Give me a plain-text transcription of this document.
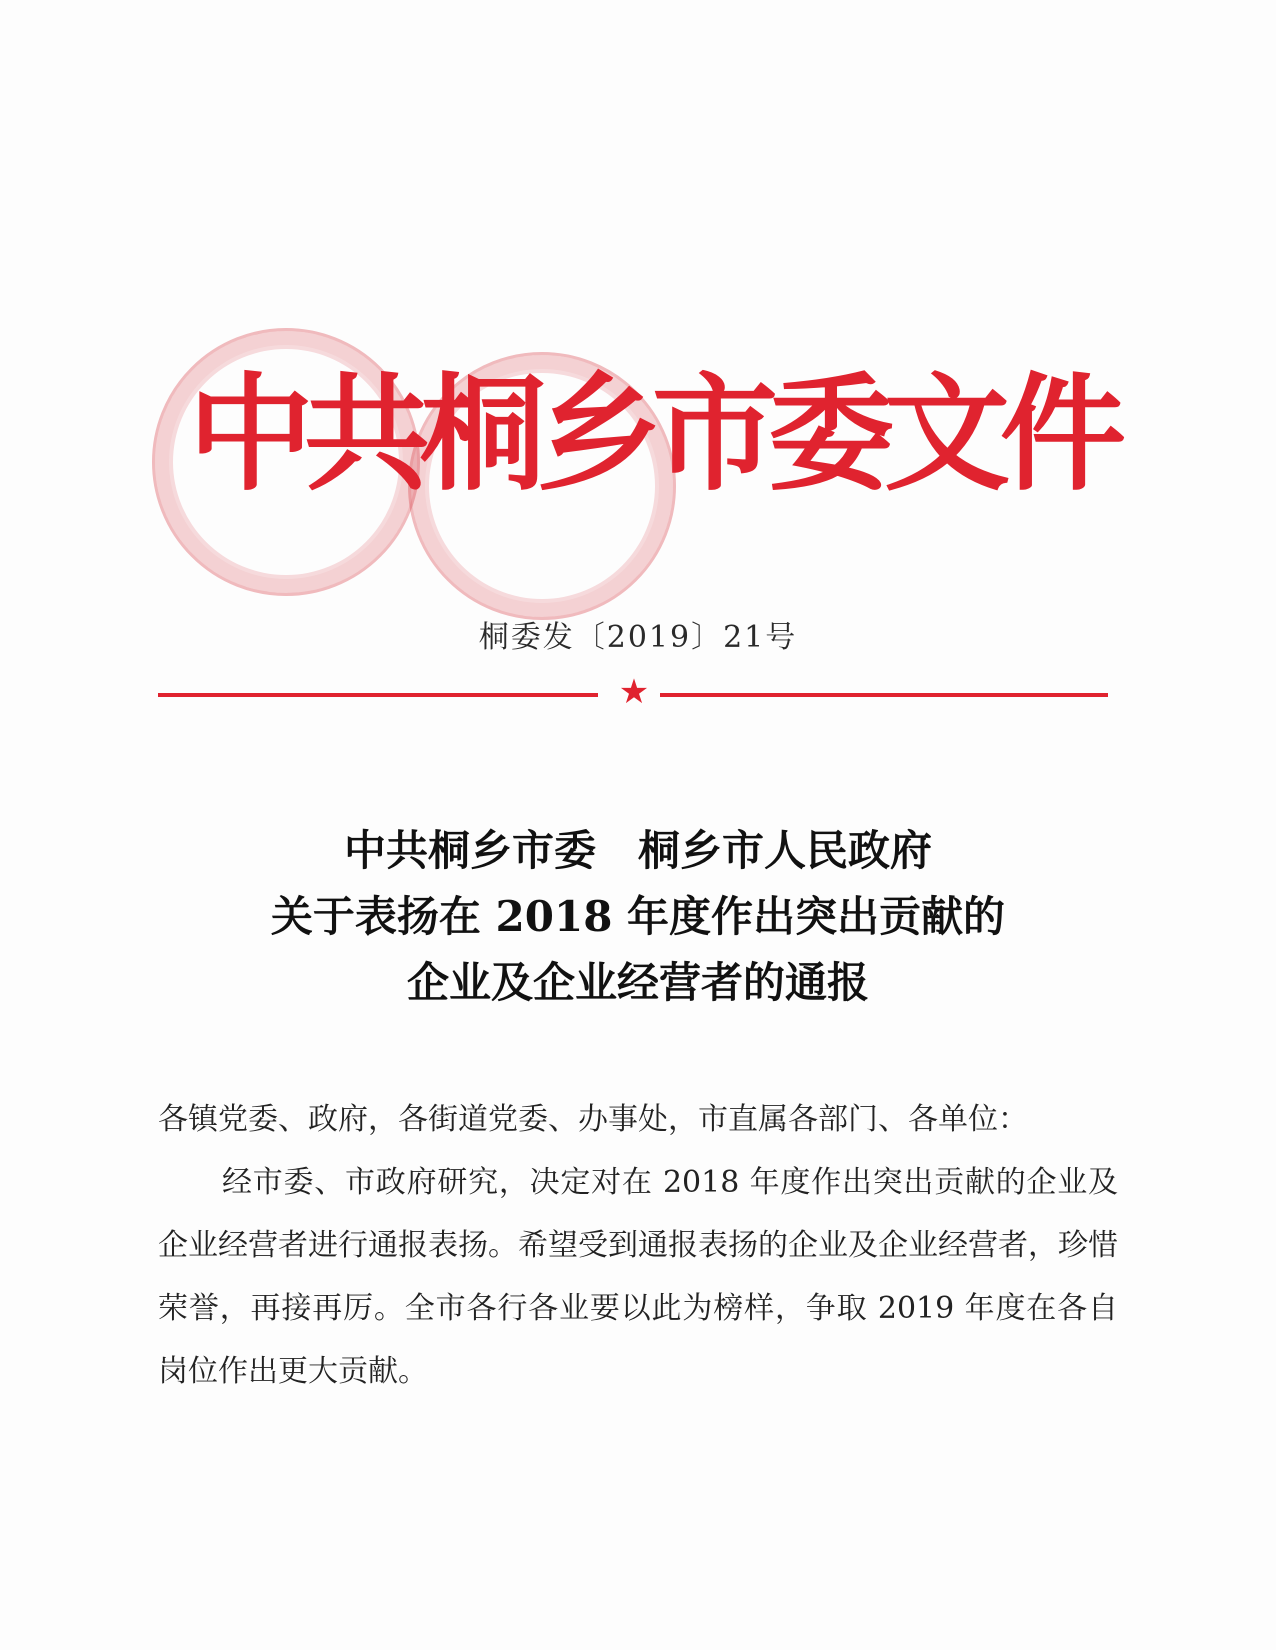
中共桐乡市委文件
桐委发〔2019〕21号
★
中共桐乡市委　桐乡市人民政府
关于表扬在 2018 年度作出突出贡献的
企业及企业经营者的通报

各镇党委、政府，各街道党委、办事处，市直属各部门、各单位：

经市委、市政府研究，决定对在 2018 年度作出突出贡献的企业及企业经营者进行通报表扬。希望受到通报表扬的企业及企业经营者，珍惜荣誉，再接再厉。全市各行各业要以此为榜样，争取 2019 年度在各自岗位作出更大贡献。
